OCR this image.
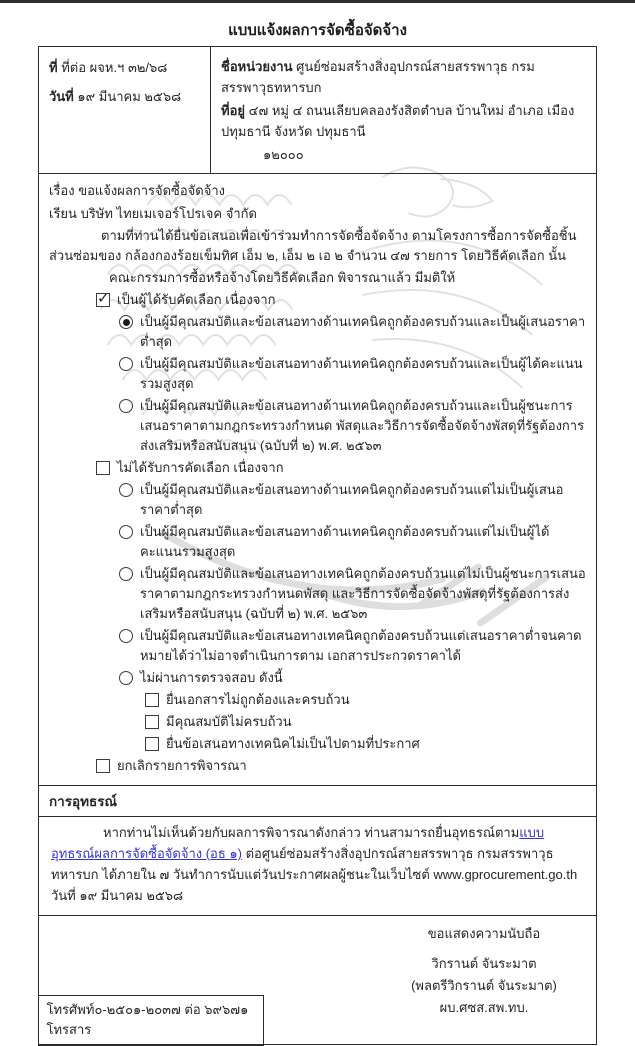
แบบแจ้งผลการจัดซื้อจัดจ้าง
ที่ ที่ต่อ ผจห.ฯ ๓๒/๖๘
วันที่ ๑๙ มีนาคม ๒๕๖๘
ชื่อหน่วยงาน ศูนย์ซ่อมสร้างสิ่งอุปกรณ์สายสรรพาวุธ กรมสรรพาวุธทหารบก
ที่อยู่ ๔๗ หมู่ ๔ ถนนเลียบคลองรังสิตตำบล บ้านใหม่ อำเภอ เมืองปทุมธานี จังหวัด ปทุมธานี
๑๒๐๐๐
เรื่อง ขอแจ้งผลการจัดซื้อจัดจ้าง
เรียน บริษัท ไทยเมเจอร์โปรเจค จำกัด
ตามที่ท่านได้ยื่นข้อเสนอเพื่อเข้าร่วมทำการจัดซื้อจัดจ้าง ตามโครงการซื้อการจัดซื้อชิ้นส่วนซ่อมของ กล้องกองร้อยเข็มทิศ เอ็ม ๒, เอ็ม ๒ เอ ๒ จำนวน ๔๗ รายการ โดยวิธีคัดเลือก นั้น
คณะกรรมการซื้อหรือจ้างโดยวิธีคัดเลือก พิจารณาแล้ว มีมติให้
✓
เป็นผู้ได้รับคัดเลือก เนื่องจาก
เป็นผู้มีคุณสมบัติและข้อเสนอทางด้านเทคนิคถูกต้องครบถ้วนและเป็นผู้เสนอราคาต่ำสุด
เป็นผู้มีคุณสมบัติและข้อเสนอทางด้านเทคนิคถูกต้องครบถ้วนและเป็นผู้ได้คะแนนรวมสูงสุด
เป็นผู้มีคุณสมบัติและข้อเสนอทางด้านเทคนิคถูกต้องครบถ้วนและเป็นผู้ชนะการเสนอราคาตามกฎกระทรวงกำหนด พัสดุและวิธีการจัดซื้อจัดจ้างพัสดุที่รัฐต้องการส่งเสริมหรือสนับสนุน (ฉบับที่ ๒) พ.ศ. ๒๕๖๓
ไม่ได้รับการคัดเลือก เนื่องจาก
เป็นผู้มีคุณสมบัติและข้อเสนอทางด้านเทคนิคถูกต้องครบถ้วนแต่ไม่เป็นผู้เสนอราคาต่ำสุด
เป็นผู้มีคุณสมบัติและข้อเสนอทางด้านเทคนิคถูกต้องครบถ้วนแต่ไม่เป็นผู้ได้คะแนนรวมสูงสุด
เป็นผู้มีคุณสมบัติและข้อเสนอทางเทคนิคถูกต้องครบถ้วนแต่ไม่เป็นผู้ชนะการเสนอราคาตามกฎกระทรวงกำหนดพัสดุ และวิธีการจัดซื้อจัดจ้างพัสดุที่รัฐต้องการส่งเสริมหรือสนับสนุน (ฉบับที่ ๒) พ.ศ. ๒๕๖๓
เป็นผู้มีคุณสมบัติและข้อเสนอทางเทคนิคถูกต้องครบถ้วนแต่เสนอราคาต่ำจนคาดหมายได้ว่าไม่อาจดำเนินการตาม เอกสารประกวดราคาได้
ไม่ผ่านการตรวจสอบ ดังนี้
ยื่นเอกสารไม่ถูกต้องและครบถ้วน
มีคุณสมบัติไม่ครบถ้วน
ยื่นข้อเสนอทางเทคนิคไม่เป็นไปตามที่ประกาศ
ยกเลิกรายการพิจารณา
การอุทธรณ์
หากท่านไม่เห็นด้วยกับผลการพิจารณาดังกล่าว ท่านสามารถยื่นอุทธรณ์ตามแบบอุทธรณ์ผลการจัดซื้อจัดจ้าง (อธ ๑) ต่อศูนย์ซ่อมสร้างสิ่งอุปกรณ์สายสรรพาวุธ กรมสรรพาวุธทหารบก ได้ภายใน ๗ วันทำการนับแต่วันประกาศผลผู้ชนะในเว็บไซต์ www.gprocurement.go.th วันที่ ๑๙ มีนาคม ๒๕๖๘
ขอแสดงความนับถือ
วิกรานต์ จันระมาต
(พลตรีวิกรานต์ จันระมาต)
ผบ.ศซส.สพ.ทบ.
โทรศัพท์๐-๒๕๐๑-๒๐๓๗ ต่อ ๖๙๖๗๑
โทรสาร
